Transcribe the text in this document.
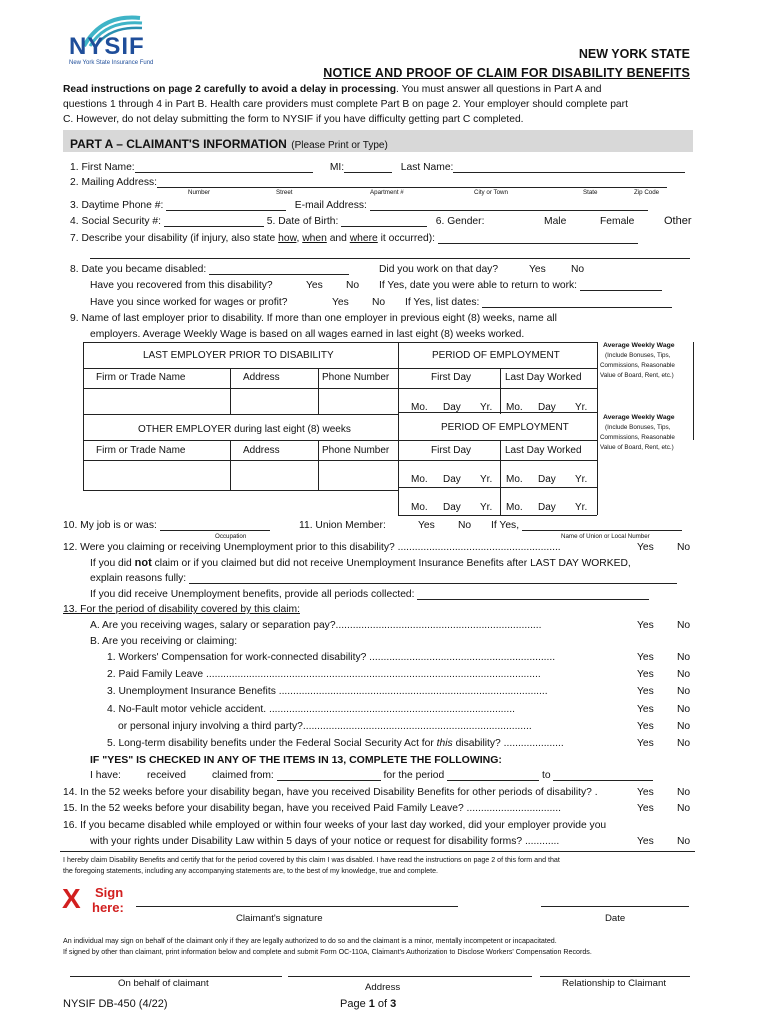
NYSIF
New York State Insurance Fund
NEW YORK STATE
NOTICE AND PROOF OF CLAIM FOR DISABILITY BENEFITS
Read instructions on page 2 carefully to avoid a delay in processing. You must answer all questions in Part A and
questions 1 through 4 in Part B. Health care providers must complete Part B on page 2. Your employer should complete part
C. However, do not delay submitting the form to NYSIF if you have difficulty getting part C completed.
PART A – CLAIMANT'S INFORMATION (Please Print or Type)
1. First Name:	MI:	Last Name:
2. Mailing Address:
Number	Street	Apartment #	City or Town	State	Zip Code
3. Daytime Phone #:	E-mail Address:
4. Social Security #:	5. Date of Birth:	6. Gender:	Male	Female	Other
7. Describe your disability (if injury, also state how, when and where it occurred):
8. Date you became disabled:	Did you work on that day?	Yes No
Have you recovered from this disability?	Yes No If Yes, date you were able to return to work:
Have you since worked for wages or profit?	Yes No If Yes, list dates:
9. Name of last employer prior to disability. If more than one employer in previous eight (8) weeks, name all
employers. Average Weekly Wage is based on all wages earned in last eight (8) weeks worked.
LAST EMPLOYER PRIOR TO DISABILITY	PERIOD OF EMPLOYMENT
Firm or Trade Name	Address	Phone Number	First Day	Last Day Worked
Average Weekly Wage
(Include Bonuses, Tips,
Commissions, Reasonable
Value of Board, Rent, etc.)
Mo. Day Yr. Mo. Day Yr.
OTHER EMPLOYER during last eight (8) weeks	PERIOD OF EMPLOYMENT
Firm or Trade Name	Address	Phone Number	First Day	Last Day Worked
Average Weekly Wage
(Include Bonuses, Tips,
Commissions, Reasonable
Value of Board, Rent, etc.)
Mo. Day Yr. Mo. Day Yr.
Mo. Day Yr. Mo. Day Yr.
10. My job is or was:
Occupation
11. Union Member:	Yes No If Yes,
Name of Union or Local Number
12. Were you claiming or receiving Unemployment prior to this disability? .........................................................	Yes No
If you did not claim or if you claimed but did not receive Unemployment Insurance Benefits after LAST DAY WORKED,
explain reasons fully:
If you did receive Unemployment benefits, provide all periods collected:
13. For the period of disability covered by this claim:
A. Are you receiving wages, salary or separation pay?........................................................................	Yes No
B. Are you receiving or claiming:
1. Workers' Compensation for work-connected disability? .................................................................	Yes No
2. Paid Family Leave .....................................................................................................................	Yes No
3. Unemployment Insurance Benefits ..............................................................................................	Yes No
4. No-Fault motor vehicle accident. ......................................................................................	Yes No
or personal injury involving a third party?................................................................................	Yes No
5. Long-term disability benefits under the Federal Social Security Act for this disability? .....................	Yes No
IF "YES" IS CHECKED IN ANY OF THE ITEMS IN 13, COMPLETE THE FOLLOWING:
I have:	received	claimed from:	for the period	to
14. In the 52 weeks before your disability began, have you received Disability Benefits for other periods of disability? .	Yes No
15. In the 52 weeks before your disability began, have you received Paid Family Leave? .................................	Yes No
16. If you became disabled while employed or within four weeks of your last day worked, did your employer provide you
with your rights under Disability Law within 5 days of your notice or request for disability forms? ............	Yes No
I hereby claim Disability Benefits and certify that for the period covered by this claim I was disabled. I have read the instructions on page 2 of this form and that
the foregoing statements, including any accompanying statements are, to the best of my knowledge, true and complete.
X Sign
here:
Claimant's signature	Date
An individual may sign on behalf of the claimant only if they are legally authorized to do so and the claimant is a minor, mentally incompetent or incapacitated.
If signed by other than claimant, print information below and complete and submit Form OC-110A, Claimant's Authorization to Disclose Workers' Compensation Records.
On behalf of claimant	Address	Relationship to Claimant
NYSIF DB-450 (4/22)	Page 1 of 3
